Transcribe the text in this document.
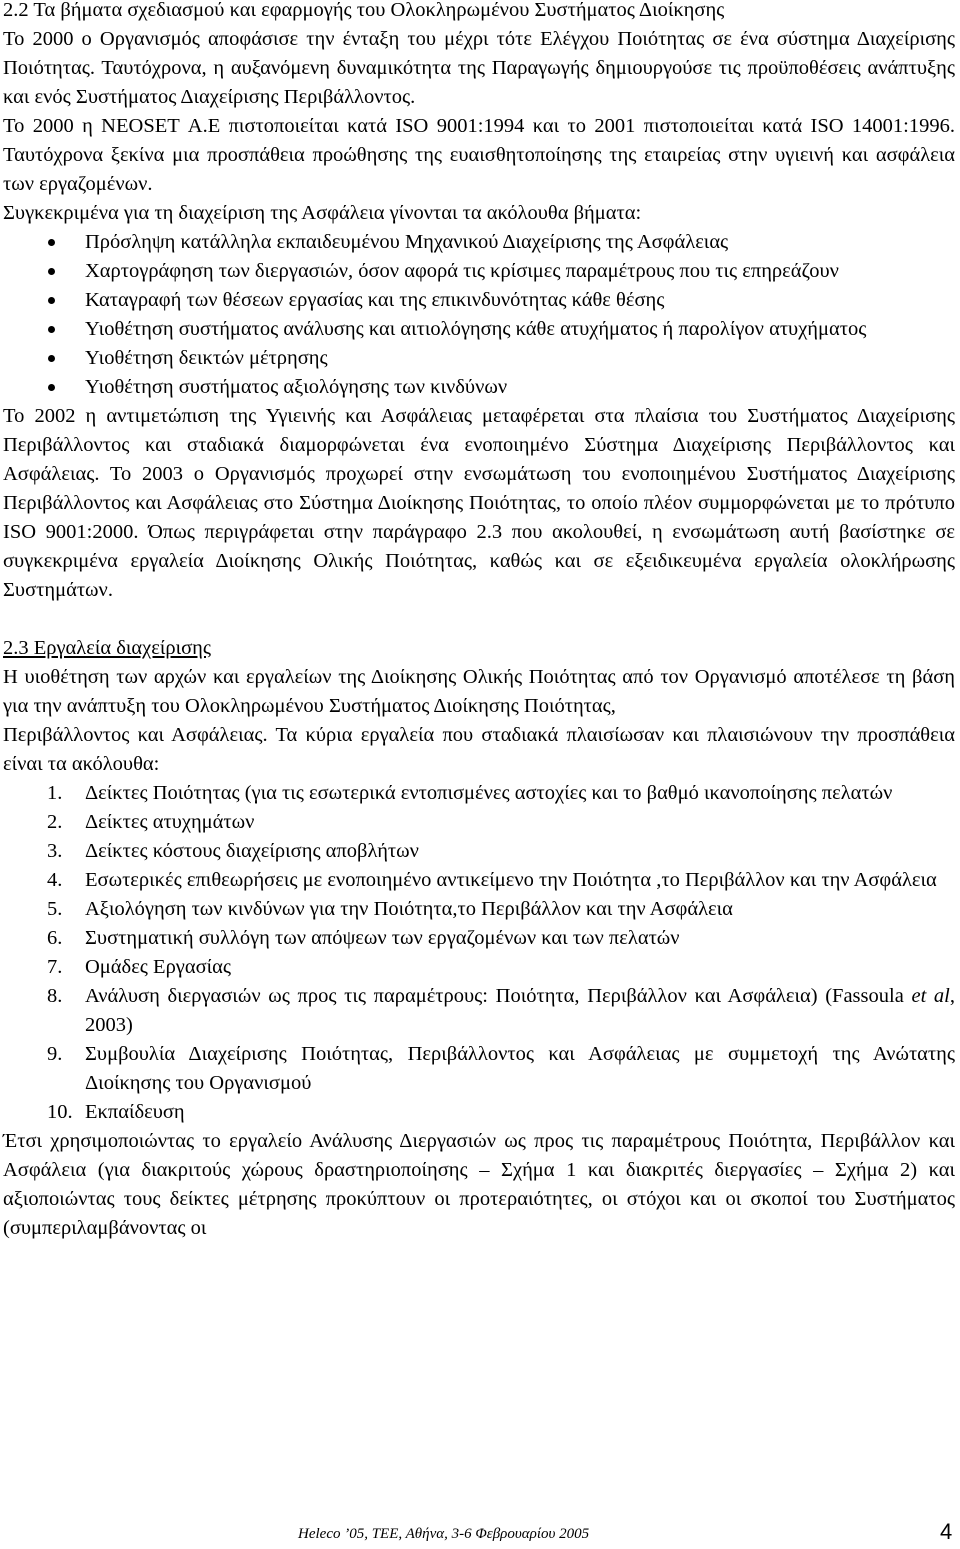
2.2 Τα βήματα σχεδιασμού και εφαρμογής του Ολοκληρωμένου Συστήματος Διοίκησης

Το 2000 ο Οργανισμός αποφάσισε την ένταξη του μέχρι τότε Ελέγχου Ποιότητας σε ένα σύστημα Διαχείρισης Ποιότητας. Ταυτόχρονα, η αυξανόμενη δυναμικότητα της Παραγωγής δημιουργούσε τις προϋποθέσεις ανάπτυξης και ενός Συστήματος Διαχείρισης Περιβάλλοντος.

Το 2000 η NEOSET Α.Ε πιστοποιείται κατά ISO 9001:1994 και το 2001 πιστοποιείται κατά ISO 14001:1996. Ταυτόχρονα ξεκίνα μια προσπάθεια προώθησης της ευαισθητοποίησης της εταιρείας στην υγιεινή και ασφάλεια των εργαζομένων.

Συγκεκριμένα για τη διαχείριση της Ασφάλεια γίνονται τα ακόλουθα βήματα:

Πρόσληψη κατάλληλα εκπαιδευμένου Μηχανικού Διαχείρισης της Ασφάλειας
Χαρτογράφηση των διεργασιών, όσον αφορά τις κρίσιμες παραμέτρους που τις επηρεάζουν
Καταγραφή των θέσεων εργασίας και της επικινδυνότητας κάθε θέσης
Υιοθέτηση συστήματος ανάλυσης και αιτιολόγησης κάθε ατυχήματος ή παρολίγον ατυχήματος
Υιοθέτηση δεικτών μέτρησης
Υιοθέτηση συστήματος αξιολόγησης των κινδύνων

Το 2002 η αντιμετώπιση της Υγιεινής και Ασφάλειας μεταφέρεται στα πλαίσια του Συστήματος Διαχείρισης Περιβάλλοντος και σταδιακά διαμορφώνεται ένα ενοποιημένο Σύστημα Διαχείρισης Περιβάλλοντος και Ασφάλειας. Το 2003 ο Οργανισμός προχωρεί στην ενσωμάτωση του ενοποιημένου Συστήματος Διαχείρισης Περιβάλλοντος και Ασφάλειας στο Σύστημα Διοίκησης Ποιότητας, το οποίο πλέον συμμορφώνεται με το πρότυπο ISO 9001:2000. Όπως περιγράφεται στην παράγραφο 2.3 που ακολουθεί, η ενσωμάτωση αυτή βασίστηκε σε συγκεκριμένα εργαλεία Διοίκησης Ολικής Ποιότητας, καθώς και σε εξειδικευμένα εργαλεία ολοκλήρωσης Συστημάτων.

2.3 Εργαλεία διαχείρισης

Η υιοθέτηση των αρχών και εργαλείων της Διοίκησης Ολικής Ποιότητας από τον Οργανισμό αποτέλεσε τη βάση για την ανάπτυξη του Ολοκληρωμένου Συστήματος Διοίκησης Ποιότητας,

Περιβάλλοντος και Ασφάλειας. Τα κύρια εργαλεία που σταδιακά πλαισίωσαν και πλαισιώνουν την προσπάθεια είναι τα ακόλουθα:

1. Δείκτες Ποιότητας (για τις εσωτερικά εντοπισμένες αστοχίες και το βαθμό ικανοποίησης πελατών
2. Δείκτες ατυχημάτων
3. Δείκτες κόστους διαχείρισης αποβλήτων
4. Εσωτερικές επιθεωρήσεις με ενοποιημένο αντικείμενο την Ποιότητα ,το Περιβάλλον και την Ασφάλεια
5. Αξιολόγηση των κινδύνων για την Ποιότητα,το Περιβάλλον και την Ασφάλεια
6. Συστηματική συλλόγη των απόψεων των εργαζομένων και των πελατών
7. Ομάδες Εργασίας
8. Ανάλυση διεργασιών ως προς τις παραμέτρους: Ποιότητα, Περιβάλλον και Ασφάλεια) (Fassoula et al, 2003)
9. Συμβουλία Διαχείρισης Ποιότητας, Περιβάλλοντος και Ασφάλειας με συμμετοχή της Ανώτατης Διοίκησης του Οργανισμού
10. Εκπαίδευση

Έτσι χρησιμοποιώντας το εργαλείο Ανάλυσης Διεργασιών ως προς τις παραμέτρους Ποιότητα, Περιβάλλον και Ασφάλεια (για διακριτούς χώρους δραστηριοποίησης – Σχήμα 1 και διακριτές διεργασίες – Σχήμα 2) και αξιοποιώντας τους δείκτες μέτρησης προκύπτουν οι προτεραιότητες, οι στόχοι και οι σκοποί του Συστήματος (συμπεριλαμβάνοντας οι

Heleco ’05, ΤΕΕ, Αθήνα, 3-6 Φεβρουαρίου 2005	4
